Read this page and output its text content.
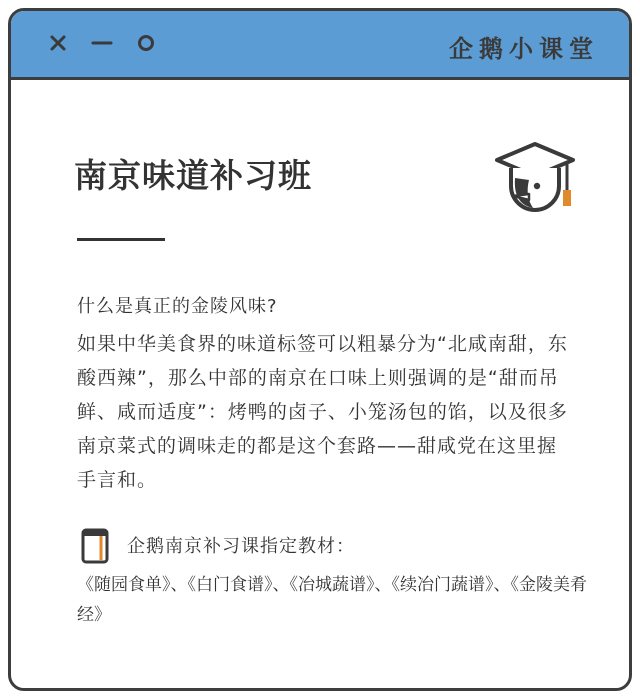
企鹅小课堂
南京味道补习班
什么是真正的金陵风味?

如果中华美食界的味道标签可以粗暴分为“北咸南甜，东酸西辣”，那么中部的南京在口味上则强调的是“甜而吊鲜、咸而适度”：烤鸭的卤子、小笼汤包的馅，以及很多南京菜式的调味走的都是这个套路——甜咸党在这里握手言和。

企鹅南京补习课指定教材：

《随园食单》、《白门食谱》、《冶城蔬谱》、《续冶门蔬谱》、《金陵美肴经》
